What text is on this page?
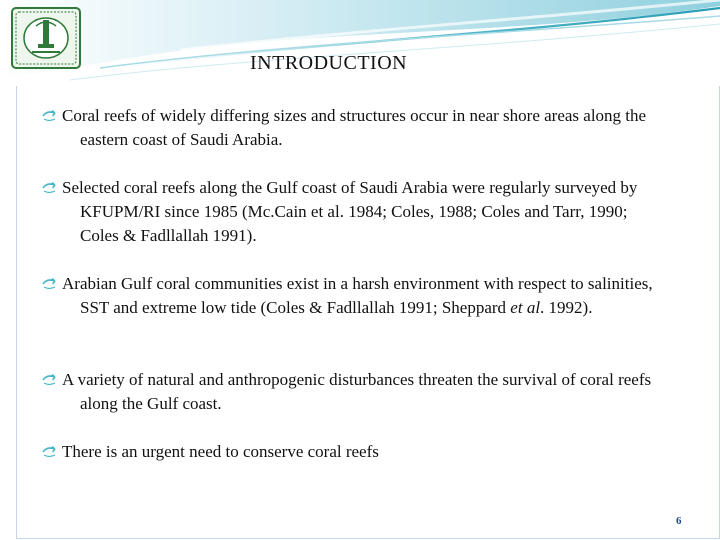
INTRODUCTION
Coral reefs of widely differing sizes and structures occur in near shore areas along the eastern coast of Saudi Arabia.
Selected coral reefs along the Gulf coast of Saudi Arabia were regularly surveyed by KFUPM/RI since 1985 (Mc.Cain et al. 1984; Coles, 1988; Coles and Tarr, 1990; Coles & Fadllallah 1991).
Arabian Gulf coral communities exist in a harsh environment with respect to salinities, SST and extreme low tide (Coles & Fadllallah 1991; Sheppard et al. 1992).
A variety of natural and anthropogenic disturbances threaten the survival of coral reefs along the Gulf coast.
There is an urgent need to conserve coral reefs
6
